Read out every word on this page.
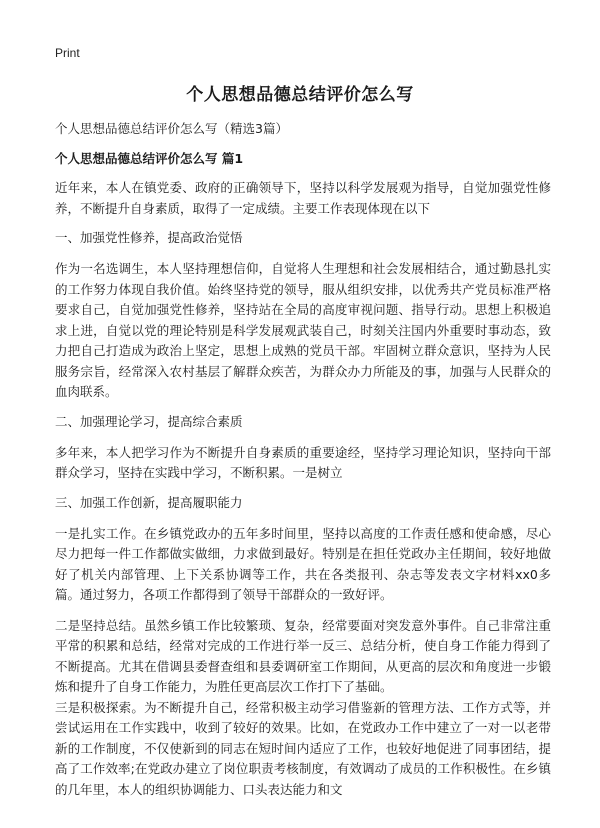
Print
个人思想品德总结评价怎么写

个人思想品德总结评价怎么写（精选3篇）

个人思想品德总结评价怎么写 篇1

近年来，本人在镇党委、政府的正确领导下，坚持以科学发展观为指导，自觉加强党性修养，不断提升自身素质，取得了一定成绩。主要工作表现体现在以下

一、加强党性修养，提高政治觉悟

作为一名选调生，本人坚持理想信仰，自觉将人生理想和社会发展相结合，通过勤恳扎实的工作努力体现自我价值。始终坚持党的领导，服从组织安排，以优秀共产党员标准严格要求自己，自觉加强党性修养，坚持站在全局的高度审视问题、指导行动。思想上积极追求上进，自觉以党的理论特别是科学发展观武装自己，时刻关注国内外重要时事动态，致力把自己打造成为政治上坚定，思想上成熟的党员干部。牢固树立群众意识，坚持为人民服务宗旨，经常深入农村基层了解群众疾苦，为群众办力所能及的事，加强与人民群众的血肉联系。

二、加强理论学习，提高综合素质

多年来，本人把学习作为不断提升自身素质的重要途经，坚持学习理论知识，坚持向干部群众学习，坚持在实践中学习，不断积累。一是树立

三、加强工作创新，提高履职能力

一是扎实工作。在乡镇党政办的五年多时间里，坚持以高度的工作责任感和使命感，尽心尽力把每一件工作都做实做细，力求做到最好。特别是在担任党政办主任期间，较好地做好了机关内部管理、上下关系协调等工作，共在各类报刊、杂志等发表文字材料xx0多篇。通过努力，各项工作都得到了领导干部群众的一致好评。

二是坚持总结。虽然乡镇工作比较繁琐、复杂，经常要面对突发意外事件。自己非常注重平常的积累和总结，经常对完成的工作进行举一反三、总结分析，使自身工作能力得到了不断提高。尤其在借调县委督查组和县委调研室工作期间，从更高的层次和角度进一步锻炼和提升了自身工作能力，为胜任更高层次工作打下了基础。

三是积极探索。为不断提升自己，经常积极主动学习借鉴新的管理方法、工作方式等，并尝试运用在工作实践中，收到了较好的效果。比如，在党政办工作中建立了一对一以老带新的工作制度，不仅使新到的同志在短时间内适应了工作，也较好地促进了同事团结，提高了工作效率;在党政办建立了岗位职责考核制度，有效调动了成员的工作积极性。在乡镇的几年里，本人的组织协调能力、口头表达能力和文
